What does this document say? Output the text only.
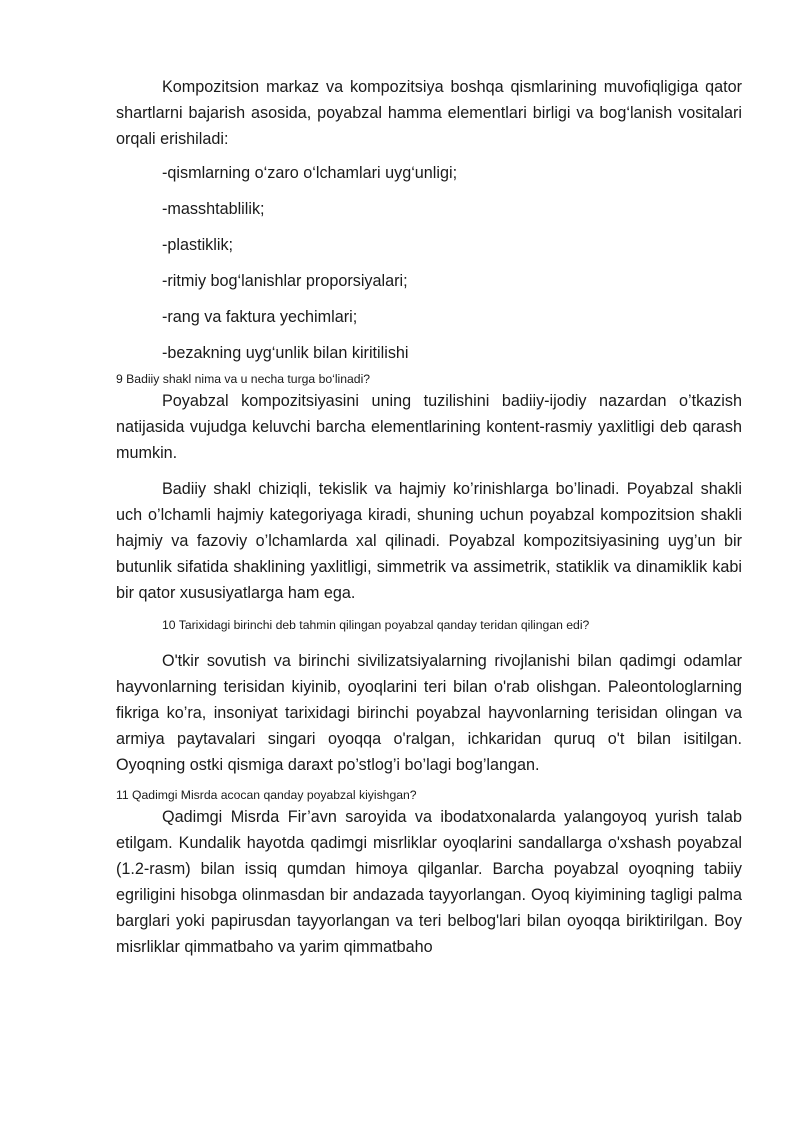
Kompozitsion markaz va kompozitsiya boshqa qismlarining muvofiqligiga qator shartlarni bajarish asosida, poyabzal hamma elementlari birligi va bog‘lanish vositalari orqali erishiladi:

-qismlarning o‘zaro o‘lchamlari uyg‘unligi;

-masshtablilik;

-plastiklik;

-ritmiy bog‘lanishlar proporsiyalari;

-rang va faktura yechimlari;

-bezakning uyg‘unlik bilan kiritilishi

9 Badiiy shakl nima va u necha turga bo‘linadi?

Poyabzal kompozitsiyasini uning tuzilishini badiiy-ijodiy nazardan o’tkazish natijasida vujudga keluvchi barcha elementlarining kontent-rasmiy yaxlitligi deb qarash mumkin.

Badiiy shakl chiziqli, tekislik va hajmiy ko’rinishlarga bo’linadi. Poyabzal shakli uch o’lchamli hajmiy kategoriyaga kiradi, shuning uchun poyabzal kompozitsion shakli hajmiy va fazoviy o’lchamlarda xal qilinadi. Poyabzal kompozitsiyasining uyg’un bir butunlik sifatida shaklining yaxlitligi, simmetrik va assimetrik, statiklik va dinamiklik kabi bir qator xususiyatlarga ham ega.

10 Tarixidagi birinchi deb tahmin qilingan poyabzal qanday teridan qilingan edi?

O'tkir sovutish va birinchi sivilizatsiyalarning rivojlanishi bilan qadimgi odamlar hayvonlarning terisidan kiyinib, oyoqlarini teri bilan o'rab olishgan. Paleontologlarning fikriga ko’ra, insoniyat tarixidagi birinchi poyabzal hayvonlarning terisidan olingan va armiya paytavalari singari oyoqqa o'ralgan, ichkaridan quruq o't bilan isitilgan. Oyoqning ostki qismiga daraxt po’stlog’i bo’lagi bog’langan.

11 Qadimgi Misrda acocan qanday poyabzal kiyishgan?

Qadimgi Misrda Fir’avn saroyida va ibodatxonalarda yalangoyoq yurish talab etilgam. Kundalik hayotda qadimgi misrliklar oyoqlarini sandallarga o'xshash poyabzal (1.2-rasm) bilan issiq qumdan himoya qilganlar. Barcha poyabzal oyoqning tabiiy egriligini hisobga olinmasdan bir andazada tayyorlangan. Oyoq kiyimining tagligi palma barglari yoki papirusdan tayyorlangan va teri belbog'lari bilan oyoqqa biriktirilgan. Boy misrliklar qimmatbaho va yarim qimmatbaho
